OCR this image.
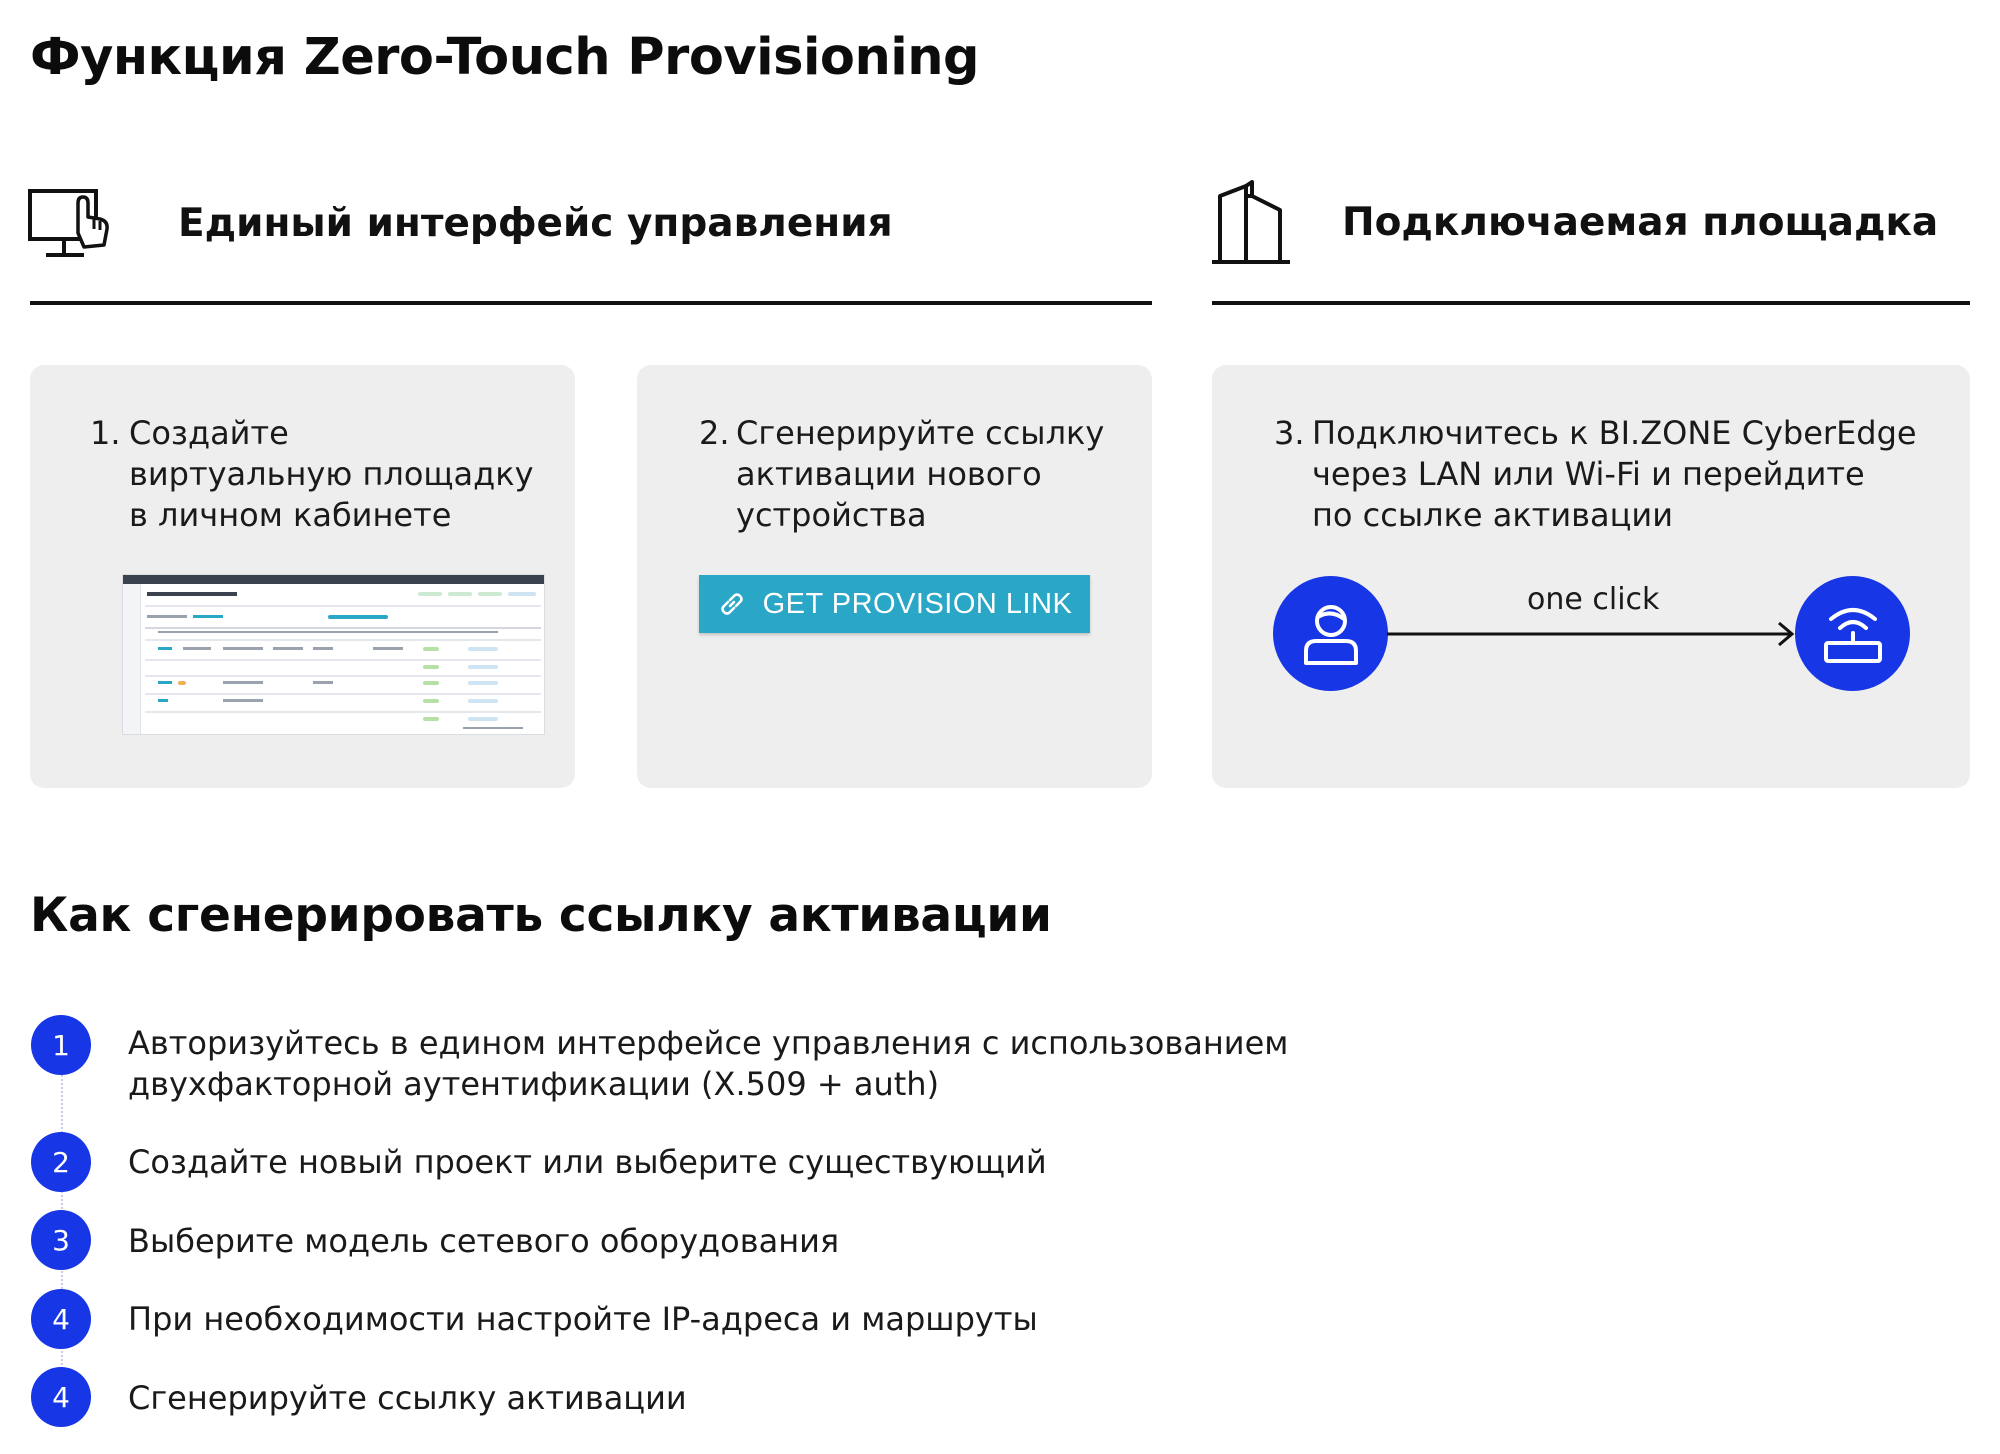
Функция Zero-Touch Provisioning
Единый интерфейс управления	Подключаемая площадка
1. Создайте
виртуальную площадку
в личном кабинете
2. Сгенерируйте ссылку
активации нового
устройства
GET PROVISION LINK
3. Подключитесь к BI.ZONE CyberEdge
через LAN или Wi-Fi и перейдите
по ссылке активации
one click
Как сгенерировать ссылку активации
1	Авторизуйтесь в едином интерфейсе управления с использованием
двухфакторной аутентификации (X.509 + auth)
2	Создайте новый проект или выберите существующий
3	Выберите модель сетевого оборудования
4	При необходимости настройте IP-адреса и маршруты
4	Сгенерируйте ссылку активации
